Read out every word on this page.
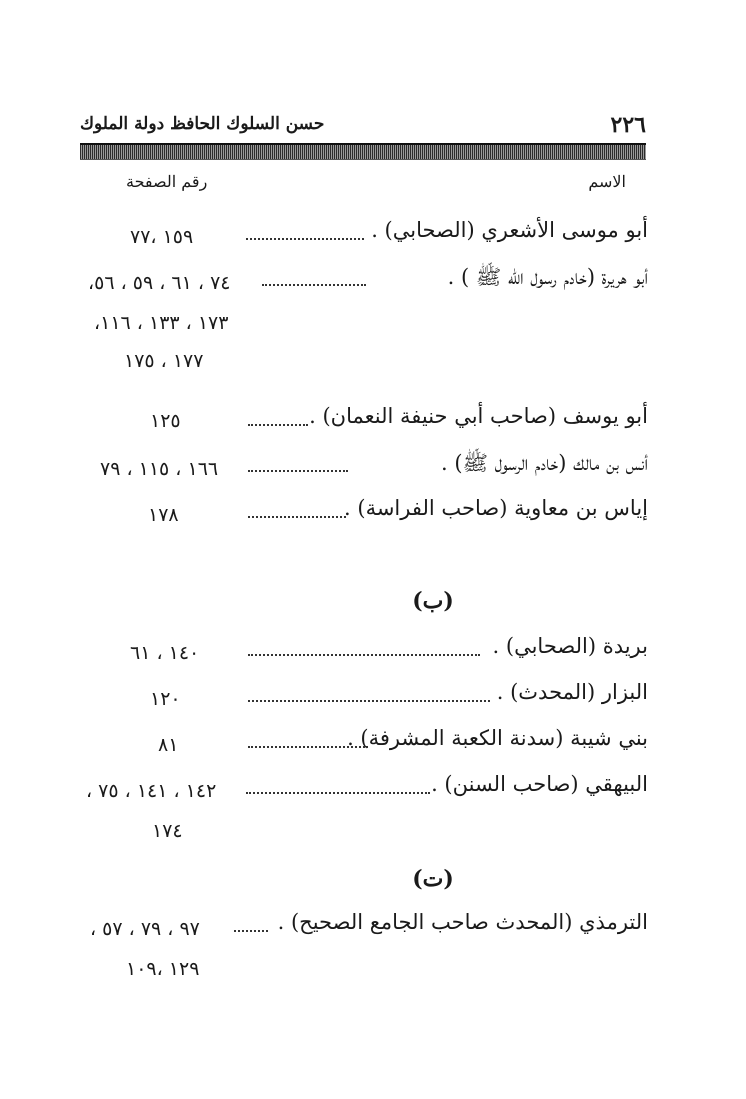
٢٢٦
حسن السلوك الحافظ دولة الملوك
الاسم
رقم الصفحة
أبو موسى الأشعري (الصحابي) .
١٥٩ ،٧٧
أبو هريرة (خادم رسول الله ﷺ ) .
٧٤ ، ٦١ ، ٥٩ ، ٥٦،
١٧٣ ، ١٣٣ ، ١١٦،
١٧٧ ، ١٧٥
أبو يوسف (صاحب أبي حنيفة النعمان) .
١٢٥
أنس بن مالك (خادم الرسول ﷺ) .
١٦٦ ، ١١٥ ، ٧٩
إياس بن معاوية (صاحب الفراسة) .
١٧٨
(ب)
بريدة (الصحابي) .
١٤٠ ، ٦١
البزار (المحدث) .
١٢٠
بني شيبة (سدنة الكعبة المشرفة) .
٨١
البيهقي (صاحب السنن) .
١٤٢ ، ١٤١ ، ٧٥ ،
١٧٤
(ت)
الترمذي (المحدث صاحب الجامع الصحيح) .
٩٧ ، ٧٩ ، ٥٧ ،
١٢٩ ،١٠٩
